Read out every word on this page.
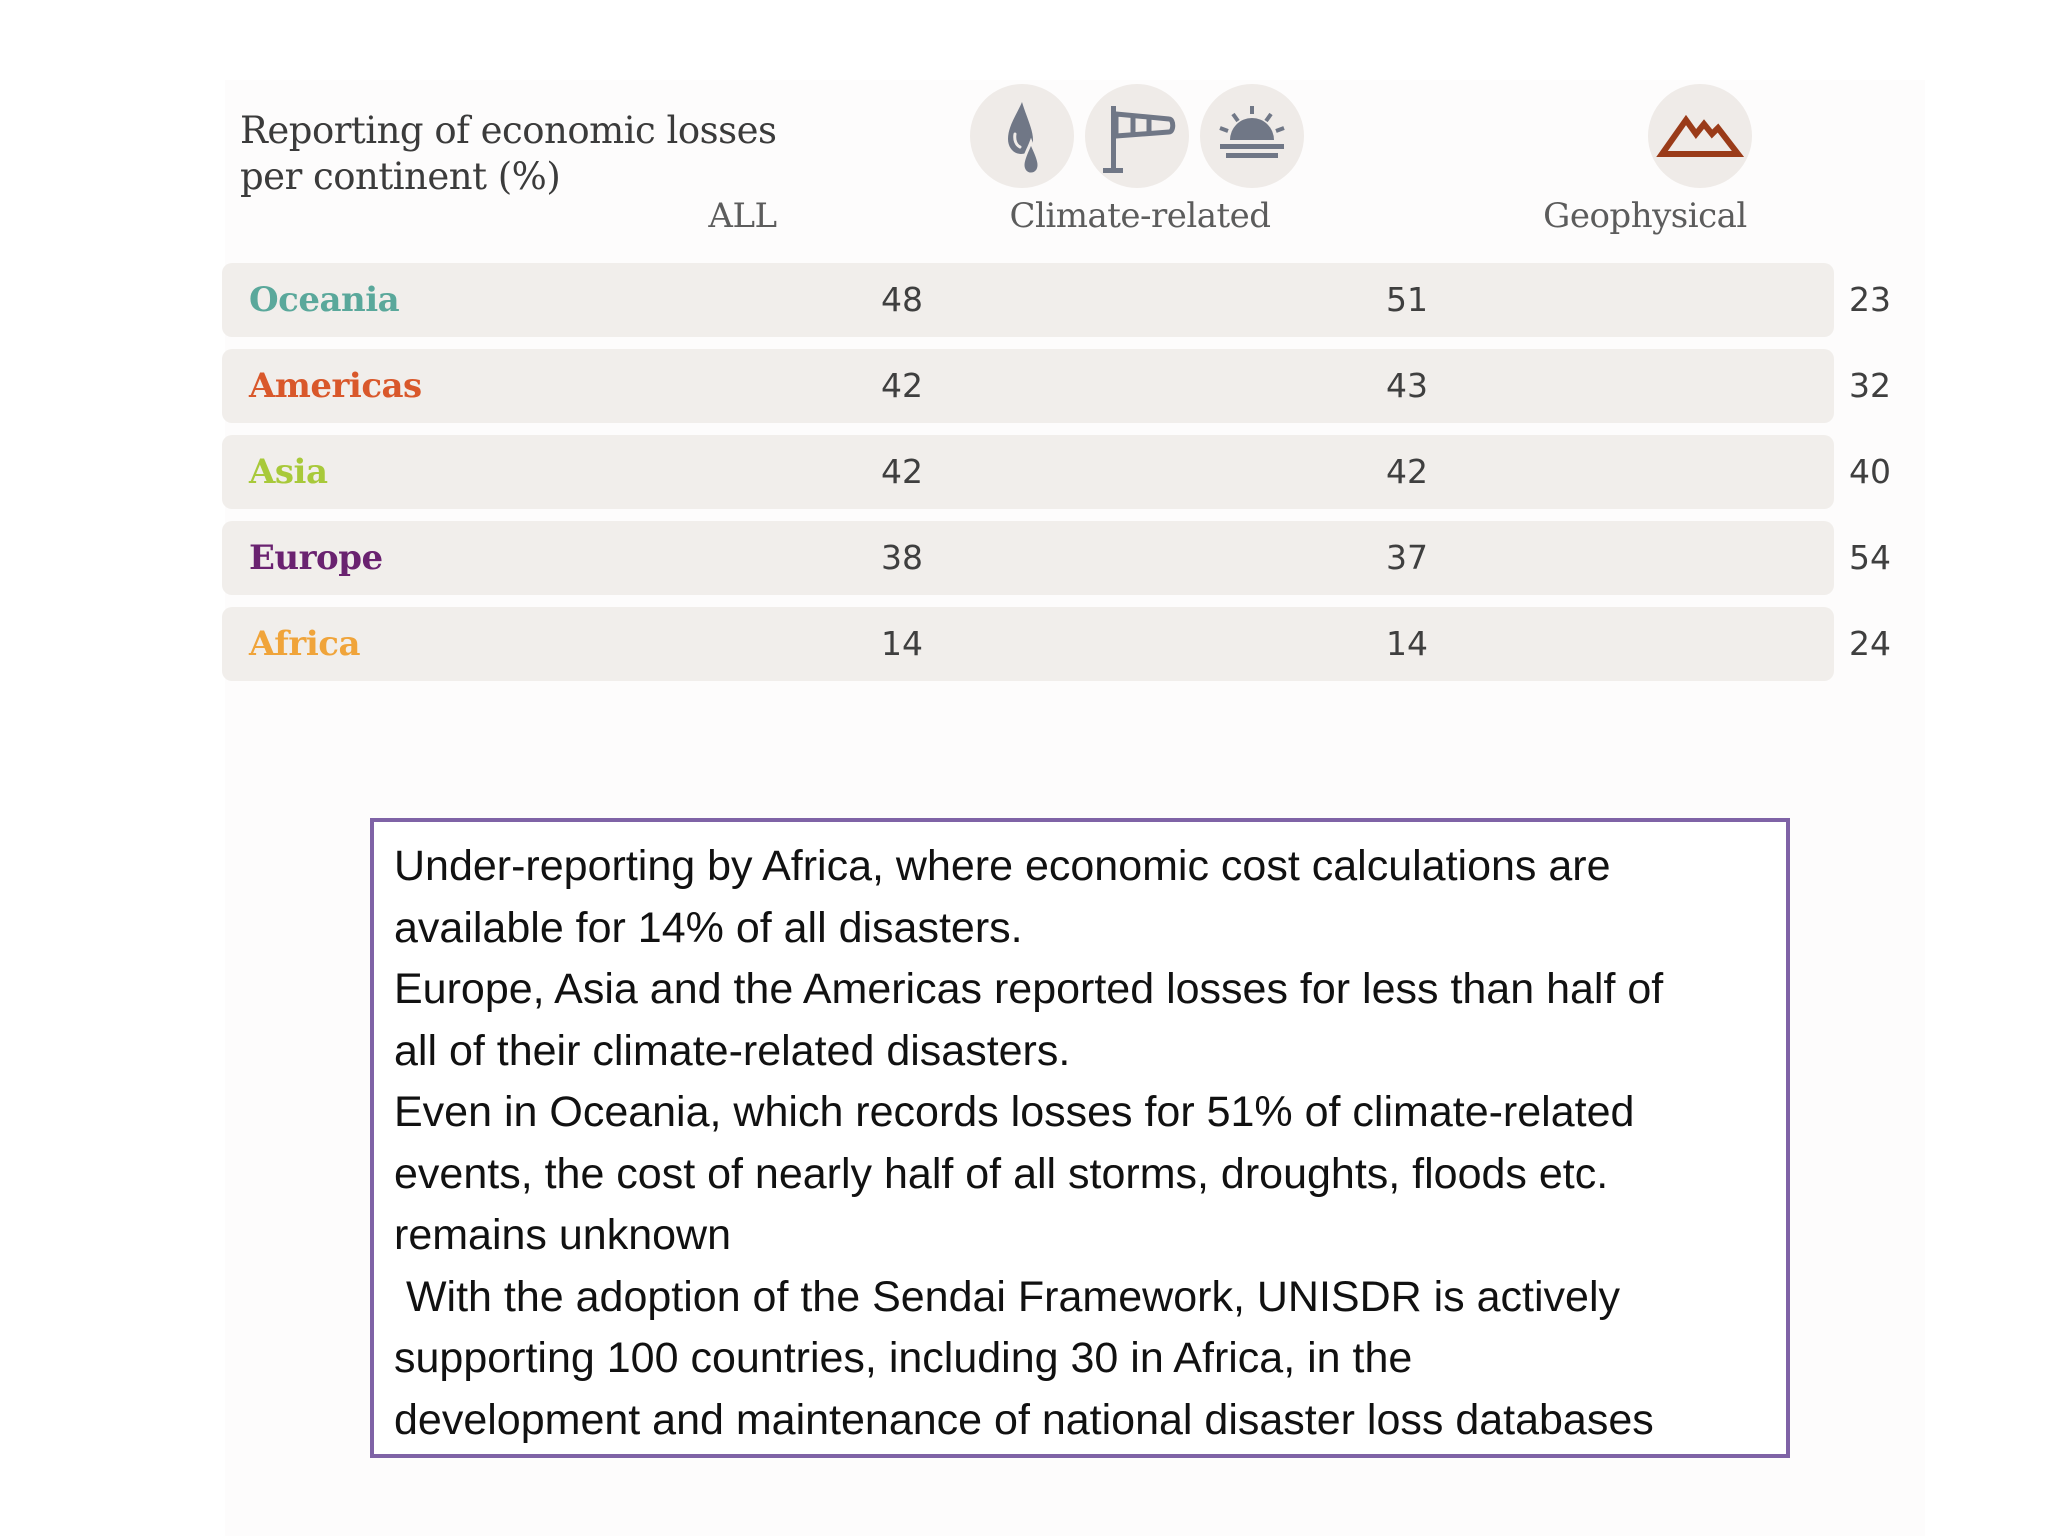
Reporting of economic losses
per continent (%)
ALL	Climate-related	Geophysical
Oceania	48	51	23
Americas	42	43	32
Asia	42	42	40
Europe	38	37	54
Africa	14	14	24
Under-reporting by Africa, where economic cost calculations are
available for 14% of all disasters.
Europe, Asia and the Americas reported losses for less than half of
all of their climate-related disasters.
Even in Oceania, which records losses for 51% of climate-related
events, the cost of nearly half of all storms, droughts, floods etc.
remains unknown
With the adoption of the Sendai Framework, UNISDR is actively
supporting 100 countries, including 30 in Africa, in the
development and maintenance of national disaster loss databases
